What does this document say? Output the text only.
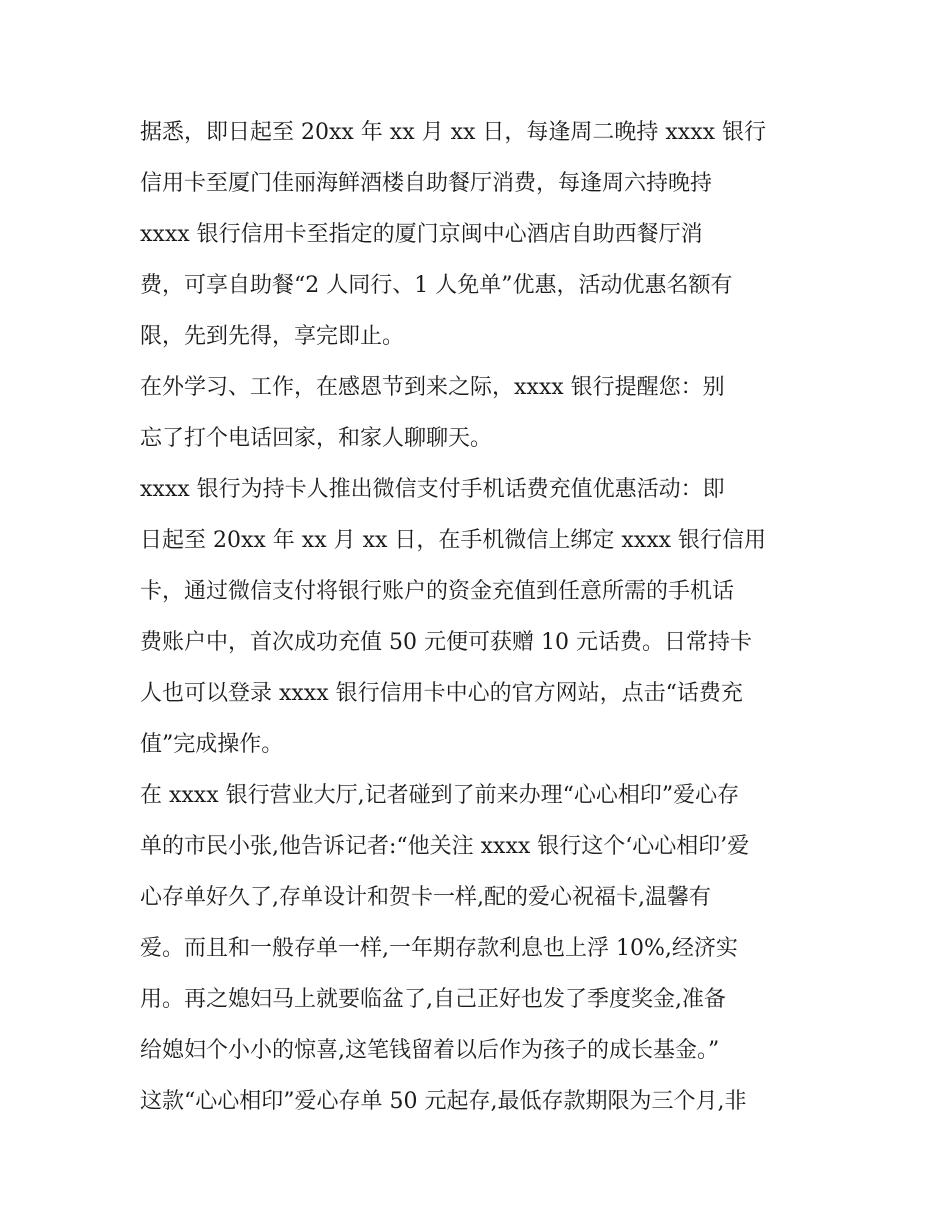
据悉，即日起至 20xx 年 xx 月 xx 日，每逢周二晚持 xxxx 银行
信用卡至厦门佳丽海鲜酒楼自助餐厅消费，每逢周六持晚持
xxxx 银行信用卡至指定的厦门京闽中心酒店自助西餐厅消
费，可享自助餐“2 人同行、1 人免单”优惠，活动优惠名额有
限，先到先得，享完即止。
在外学习、工作，在感恩节到来之际，xxxx 银行提醒您：别
忘了打个电话回家，和家人聊聊天。
xxxx 银行为持卡人推出微信支付手机话费充值优惠活动：即
日起至 20xx 年 xx 月 xx 日，在手机微信上绑定 xxxx 银行信用
卡，通过微信支付将银行账户的资金充值到任意所需的手机话
费账户中，首次成功充值 50 元便可获赠 10 元话费。日常持卡
人也可以登录 xxxx 银行信用卡中心的官方网站，点击“话费充
值”完成操作。
在 xxxx 银行营业大厅,记者碰到了前来办理“心心相印”爱心存
单的市民小张,他告诉记者:“他关注 xxxx 银行这个‘心心相印’爱
心存单好久了,存单设计和贺卡一样,配的爱心祝福卡,温馨有
爱。而且和一般存单一样,一年期存款利息也上浮 10%,经济实
用。再之媳妇马上就要临盆了,自己正好也发了季度奖金,准备
给媳妇个小小的惊喜,这笔钱留着以后作为孩子的成长基金。”
这款“心心相印”爱心存单 50 元起存,最低存款期限为三个月,非
